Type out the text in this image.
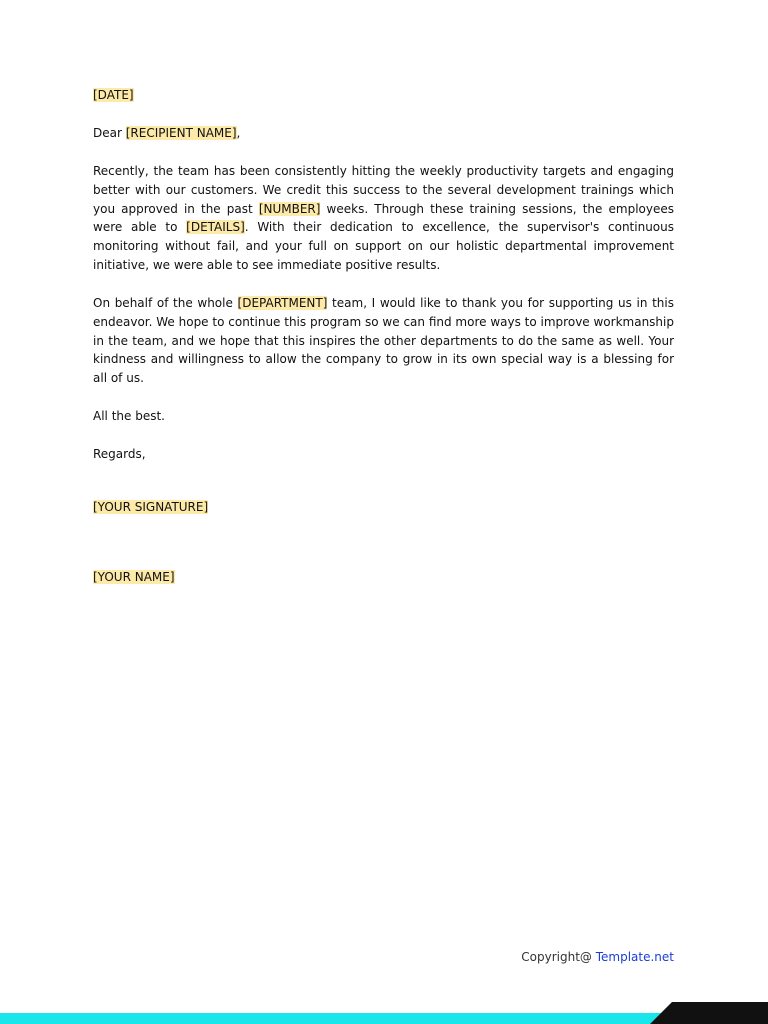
[DATE]
Dear [RECIPIENT NAME],
Recently, the team has been consistently hitting the weekly productivity targets and engaging better with our customers. We credit this success to the several development trainings which you approved in the past [NUMBER] weeks. Through these training sessions, the employees were able to [DETAILS]. With their dedication to excellence, the supervisor's continuous monitoring without fail, and your full on support on our holistic departmental improvement initiative, we were able to see immediate positive results.
On behalf of the whole [DEPARTMENT] team, I would like to thank you for supporting us in this endeavor. We hope to continue this program so we can find more ways to improve workmanship in the team, and we hope that this inspires the other departments to do the same as well. Your kindness and willingness to allow the company to grow in its own special way is a blessing for all of us.
All the best.
Regards,
[YOUR SIGNATURE]
[YOUR NAME]
Copyright@ Template.net
